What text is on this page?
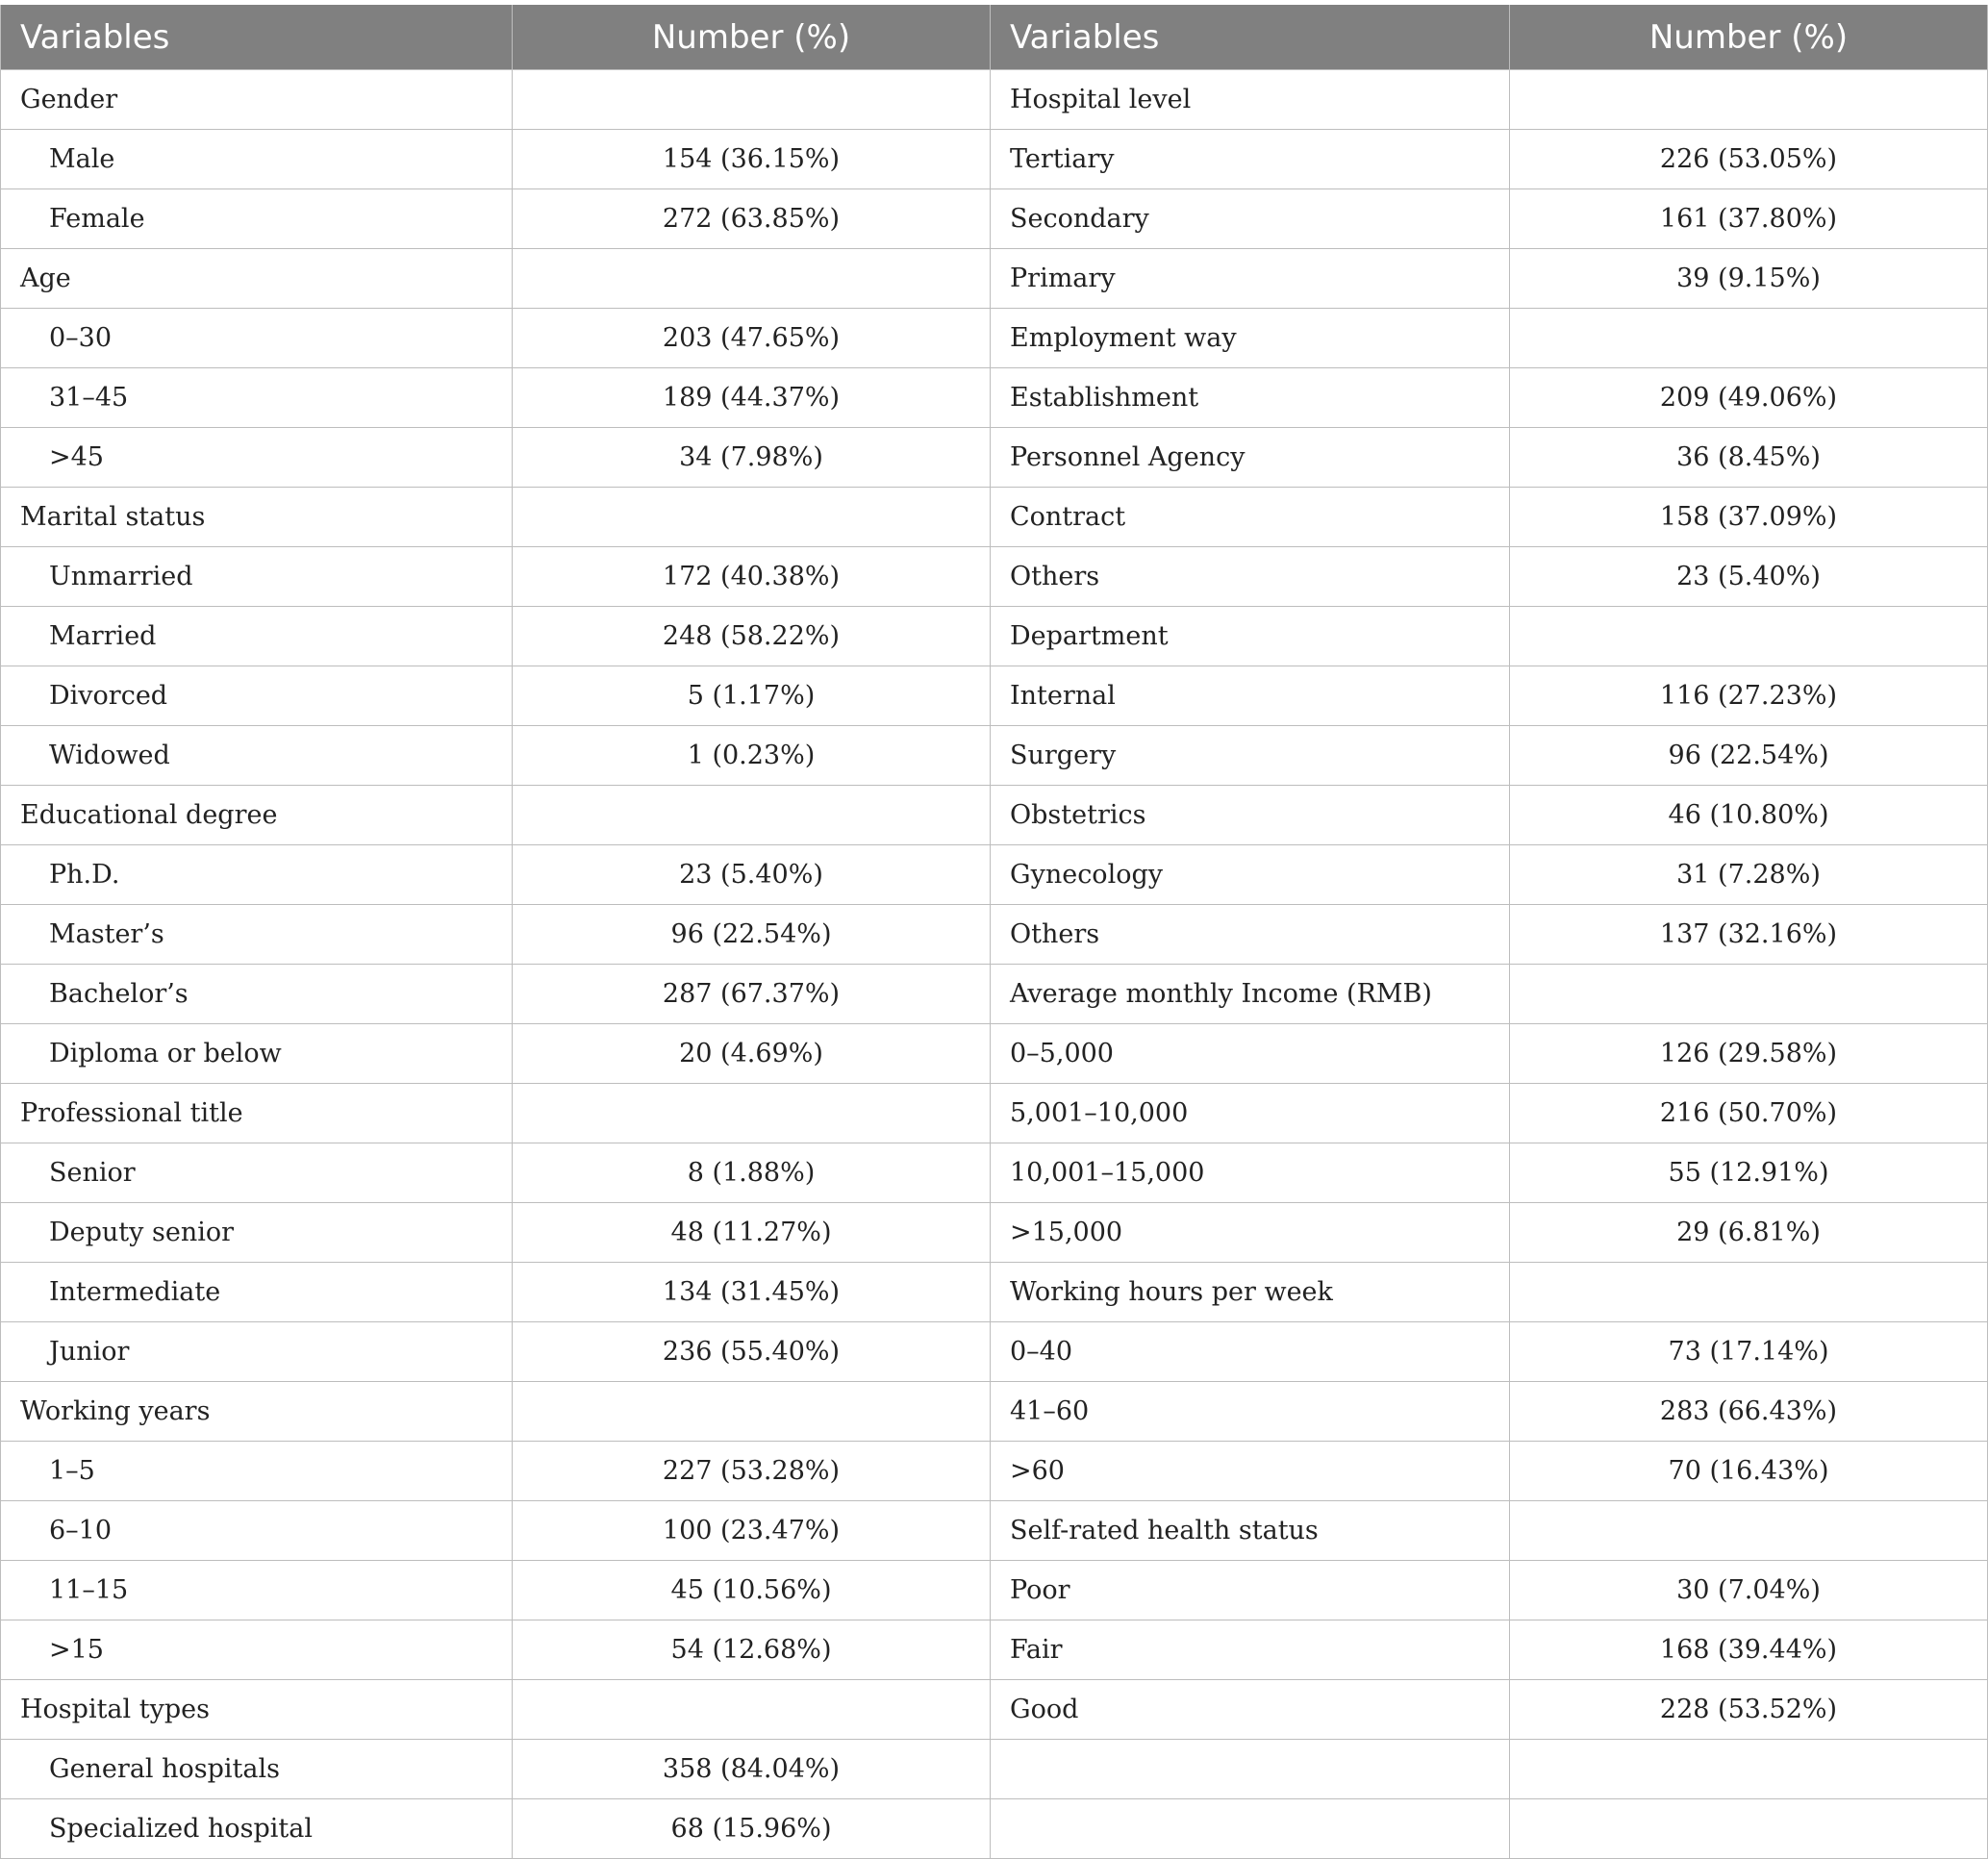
Variables	Number (%)	Variables	Number (%)
Gender		Hospital level	
Male	154 (36.15%)	Tertiary	226 (53.05%)
Female	272 (63.85%)	Secondary	161 (37.80%)
Age		Primary	39 (9.15%)
0–30	203 (47.65%)	Employment way	
31–45	189 (44.37%)	Establishment	209 (49.06%)
>45	34 (7.98%)	Personnel Agency	36 (8.45%)
Marital status		Contract	158 (37.09%)
Unmarried	172 (40.38%)	Others	23 (5.40%)
Married	248 (58.22%)	Department	
Divorced	5 (1.17%)	Internal	116 (27.23%)
Widowed	1 (0.23%)	Surgery	96 (22.54%)
Educational degree		Obstetrics	46 (10.80%)
Ph.D.	23 (5.40%)	Gynecology	31 (7.28%)
Master’s	96 (22.54%)	Others	137 (32.16%)
Bachelor’s	287 (67.37%)	Average monthly Income (RMB)	
Diploma or below	20 (4.69%)	0–5,000	126 (29.58%)
Professional title		5,001–10,000	216 (50.70%)
Senior	8 (1.88%)	10,001–15,000	55 (12.91%)
Deputy senior	48 (11.27%)	>15,000	29 (6.81%)
Intermediate	134 (31.45%)	Working hours per week	
Junior	236 (55.40%)	0–40	73 (17.14%)
Working years		41–60	283 (66.43%)
1–5	227 (53.28%)	>60	70 (16.43%)
6–10	100 (23.47%)	Self-rated health status	
11–15	45 (10.56%)	Poor	30 (7.04%)
>15	54 (12.68%)	Fair	168 (39.44%)
Hospital types		Good	228 (53.52%)
General hospitals	358 (84.04%)		
Specialized hospital	68 (15.96%)		
